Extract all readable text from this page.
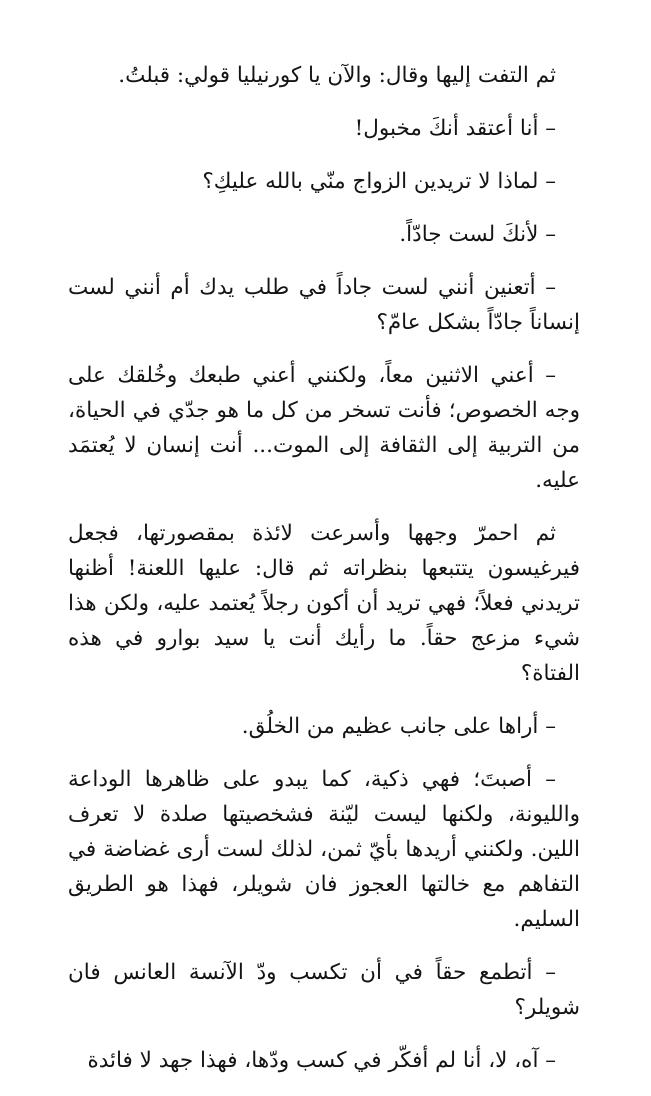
ثم التفت إليها وقال: والآن يا كورنيليا قولي: قبلتُ.

– أنا أعتقد أنكَ مخبول!

– لماذا لا تريدين الزواج منّي بالله عليكِ؟

– لأنكَ لست جادّاً.

– أتعنين أنني لست جاداً في طلب يدك أم أنني لست إنساناً جادّاً بشكل عامّ؟

– أعني الاثنين معاً، ولكنني أعني طبعك وخُلقك على وجه الخصوص؛ فأنت تسخر من كل ما هو جدّي في الحياة، من التربية إلى الثقافة إلى الموت... أنت إنسان لا يُعتمَد عليه.

ثم احمرّ وجهها وأسرعت لائذة بمقصورتها، فجعل فيرغيسون يتتبعها بنظراته ثم قال: عليها اللعنة! أظنها تريدني فعلاً؛ فهي تريد أن أكون رجلاً يُعتمد عليه، ولكن هذا شيء مزعج حقاً. ما رأيك أنت يا سيد بوارو في هذه الفتاة؟

– أراها على جانب عظيم من الخلُق.

– أصبتَ؛ فهي ذكية، كما يبدو على ظاهرها الوداعة والليونة، ولكنها ليست ليّنة فشخصيتها صلدة لا تعرف اللين. ولكنني أريدها بأيّ ثمن، لذلك لست أرى غضاضة في التفاهم مع خالتها العجوز فان شويلر، فهذا هو الطريق السليم.

– أتطمع حقاً في أن تكسب ودّ الآنسة العانس فان شويلر؟

– آه، لا، أنا لم أفكّر في كسب ودّها، فهذا جهد لا فائدة
